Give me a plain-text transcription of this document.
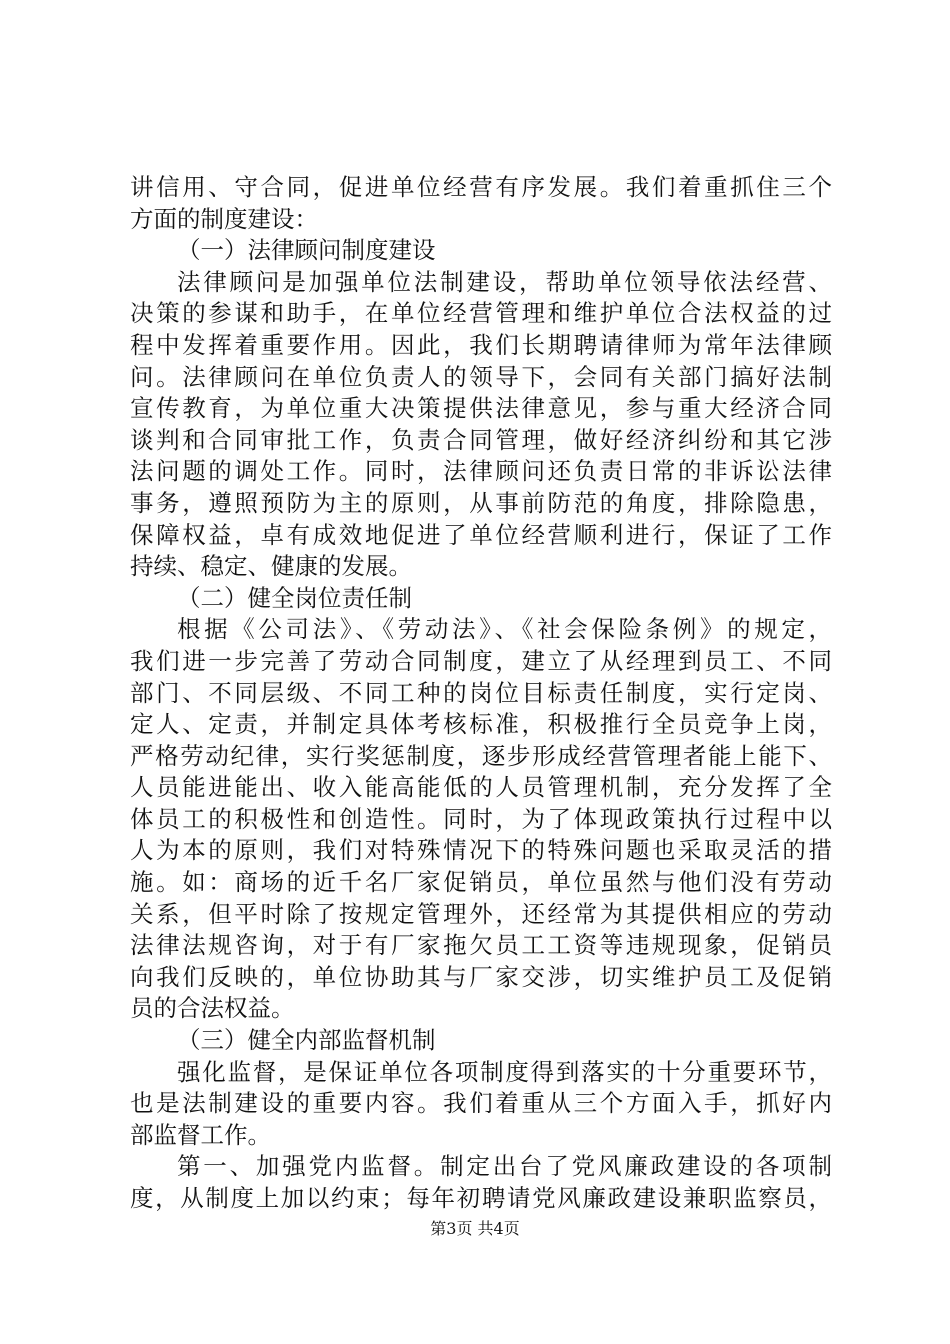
讲信用、守合同，促进单位经营有序发展。我们着重抓住三个
方面的制度建设：
（一）法律顾问制度建设
法律顾问是加强单位法制建设，帮助单位领导依法经营、
决策的参谋和助手，在单位经营管理和维护单位合法权益的过
程中发挥着重要作用。因此，我们长期聘请律师为常年法律顾
问。法律顾问在单位负责人的领导下，会同有关部门搞好法制
宣传教育，为单位重大决策提供法律意见，参与重大经济合同
谈判和合同审批工作，负责合同管理，做好经济纠纷和其它涉
法问题的调处工作。同时，法律顾问还负责日常的非诉讼法律
事务，遵照预防为主的原则，从事前防范的角度，排除隐患，
保障权益，卓有成效地促进了单位经营顺利进行，保证了工作
持续、稳定、健康的发展。
（二）健全岗位责任制
根据《公司法》、《劳动法》、《社会保险条例》的规定，
我们进一步完善了劳动合同制度，建立了从经理到员工、不同
部门、不同层级、不同工种的岗位目标责任制度，实行定岗、
定人、定责，并制定具体考核标准，积极推行全员竞争上岗，
严格劳动纪律，实行奖惩制度，逐步形成经营管理者能上能下、
人员能进能出、收入能高能低的人员管理机制，充分发挥了全
体员工的积极性和创造性。同时，为了体现政策执行过程中以
人为本的原则，我们对特殊情况下的特殊问题也采取灵活的措
施。如：商场的近千名厂家促销员，单位虽然与他们没有劳动
关系，但平时除了按规定管理外，还经常为其提供相应的劳动
法律法规咨询，对于有厂家拖欠员工工资等违规现象，促销员
向我们反映的，单位协助其与厂家交涉，切实维护员工及促销
员的合法权益。
（三）健全内部监督机制
强化监督，是保证单位各项制度得到落实的十分重要环节，
也是法制建设的重要内容。我们着重从三个方面入手，抓好内
部监督工作。
第一、加强党内监督。制定出台了党风廉政建设的各项制
度，从制度上加以约束；每年初聘请党风廉政建设兼职监察员，
第3页 共4页
